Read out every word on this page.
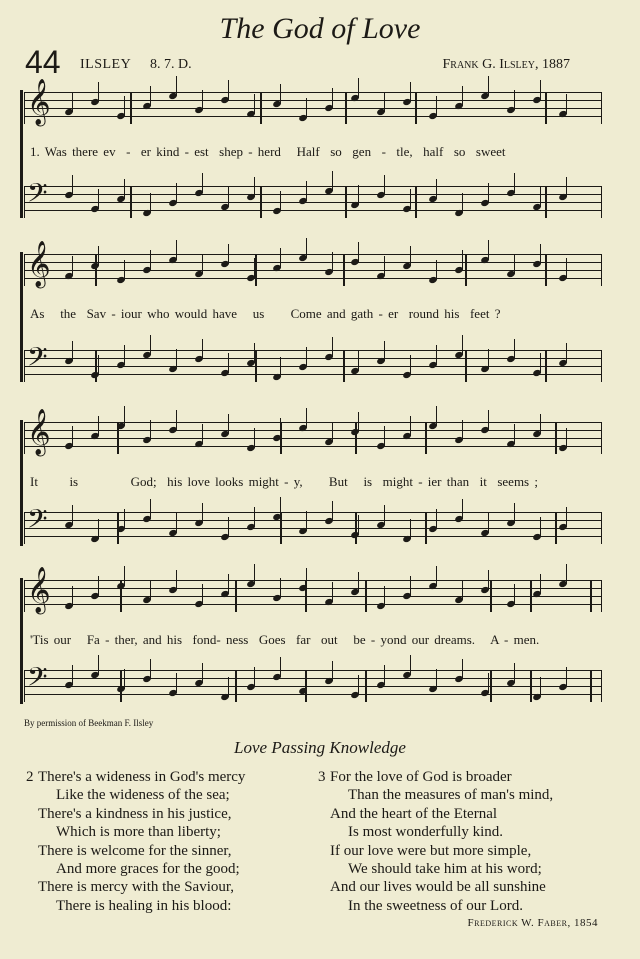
The God of Love
44 ILSLEY 8. 7. D.	Frank G. Ilsley, 1887
𝄞
1. Was there ev  -  er kind - est  shep - herd   Half  so  gen  -  tle,  half  so  sweet
𝄢
𝄞
As   the  Sav - iour who would have   us     Come and gath - er  round his  feet ?
𝄢
𝄞
It      is          God;  his love looks might - y,     But   is  might - ier than  it  seems ;
𝄢
𝄞
'Tis our   Fa - ther, and his  fond- ness  Goes  far  out   be - yond our dreams.   A - men.
𝄢
By permission of Beekman F. Ilsley
Love Passing Knowledge
2 There's a wideness in God's mercy
Like the wideness of the sea;
There's a kindness in his justice,
Which is more than liberty;
There is welcome for the sinner,
And more graces for the good;
There is mercy with the Saviour,
There is healing in his blood:
3 For the love of God is broader
Than the measures of man's mind,
And the heart of the Eternal
Is most wonderfully kind.
If our love were but more simple,
We should take him at his word;
And our lives would be all sunshine
In the sweetness of our Lord.
Frederick W. Faber, 1854
